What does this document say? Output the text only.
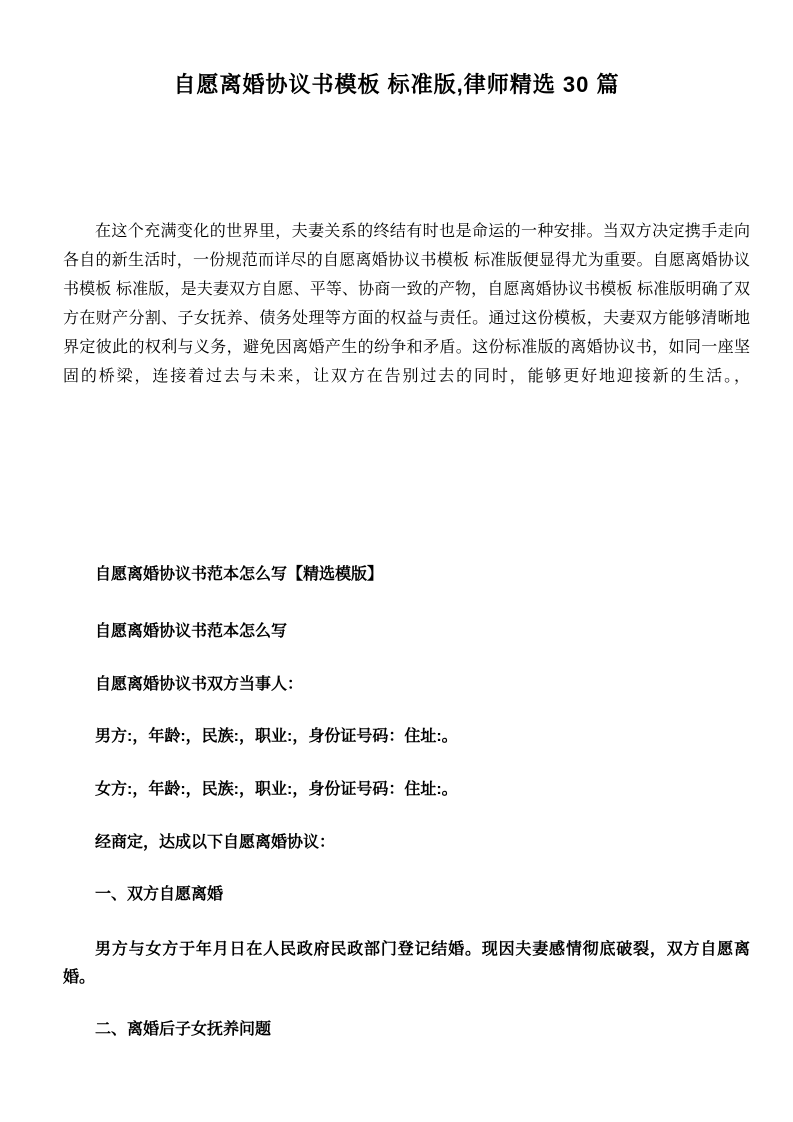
自愿离婚协议书模板 标准版,律师精选 30 篇

在这个充满变化的世界里，夫妻关系的终结有时也是命运的一种安排。当双方决定携手走向各自的新生活时，一份规范而详尽的自愿离婚协议书模板 标准版便显得尤为重要。自愿离婚协议书模板 标准版，是夫妻双方自愿、平等、协商一致的产物，自愿离婚协议书模板 标准版明确了双方在财产分割、子女抚养、债务处理等方面的权益与责任。通过这份模板，夫妻双方能够清晰地界定彼此的权利与义务，避免因离婚产生的纷争和矛盾。这份标准版的离婚协议书，如同一座坚固的桥梁，连接着过去与未来，让双方在告别过去的同时，能够更好地迎接新的生活。，

自愿离婚协议书范本怎么写【精选模版】

自愿离婚协议书范本怎么写

自愿离婚协议书双方当事人：

男方:，年龄:，民族:，职业:，身份证号码：住址:。

女方:，年龄:，民族:，职业:，身份证号码：住址:。

经商定，达成以下自愿离婚协议：

一、双方自愿离婚

男方与女方于年月日在人民政府民政部门登记结婚。现因夫妻感情彻底破裂，双方自愿离婚。

二、离婚后子女抚养问题
